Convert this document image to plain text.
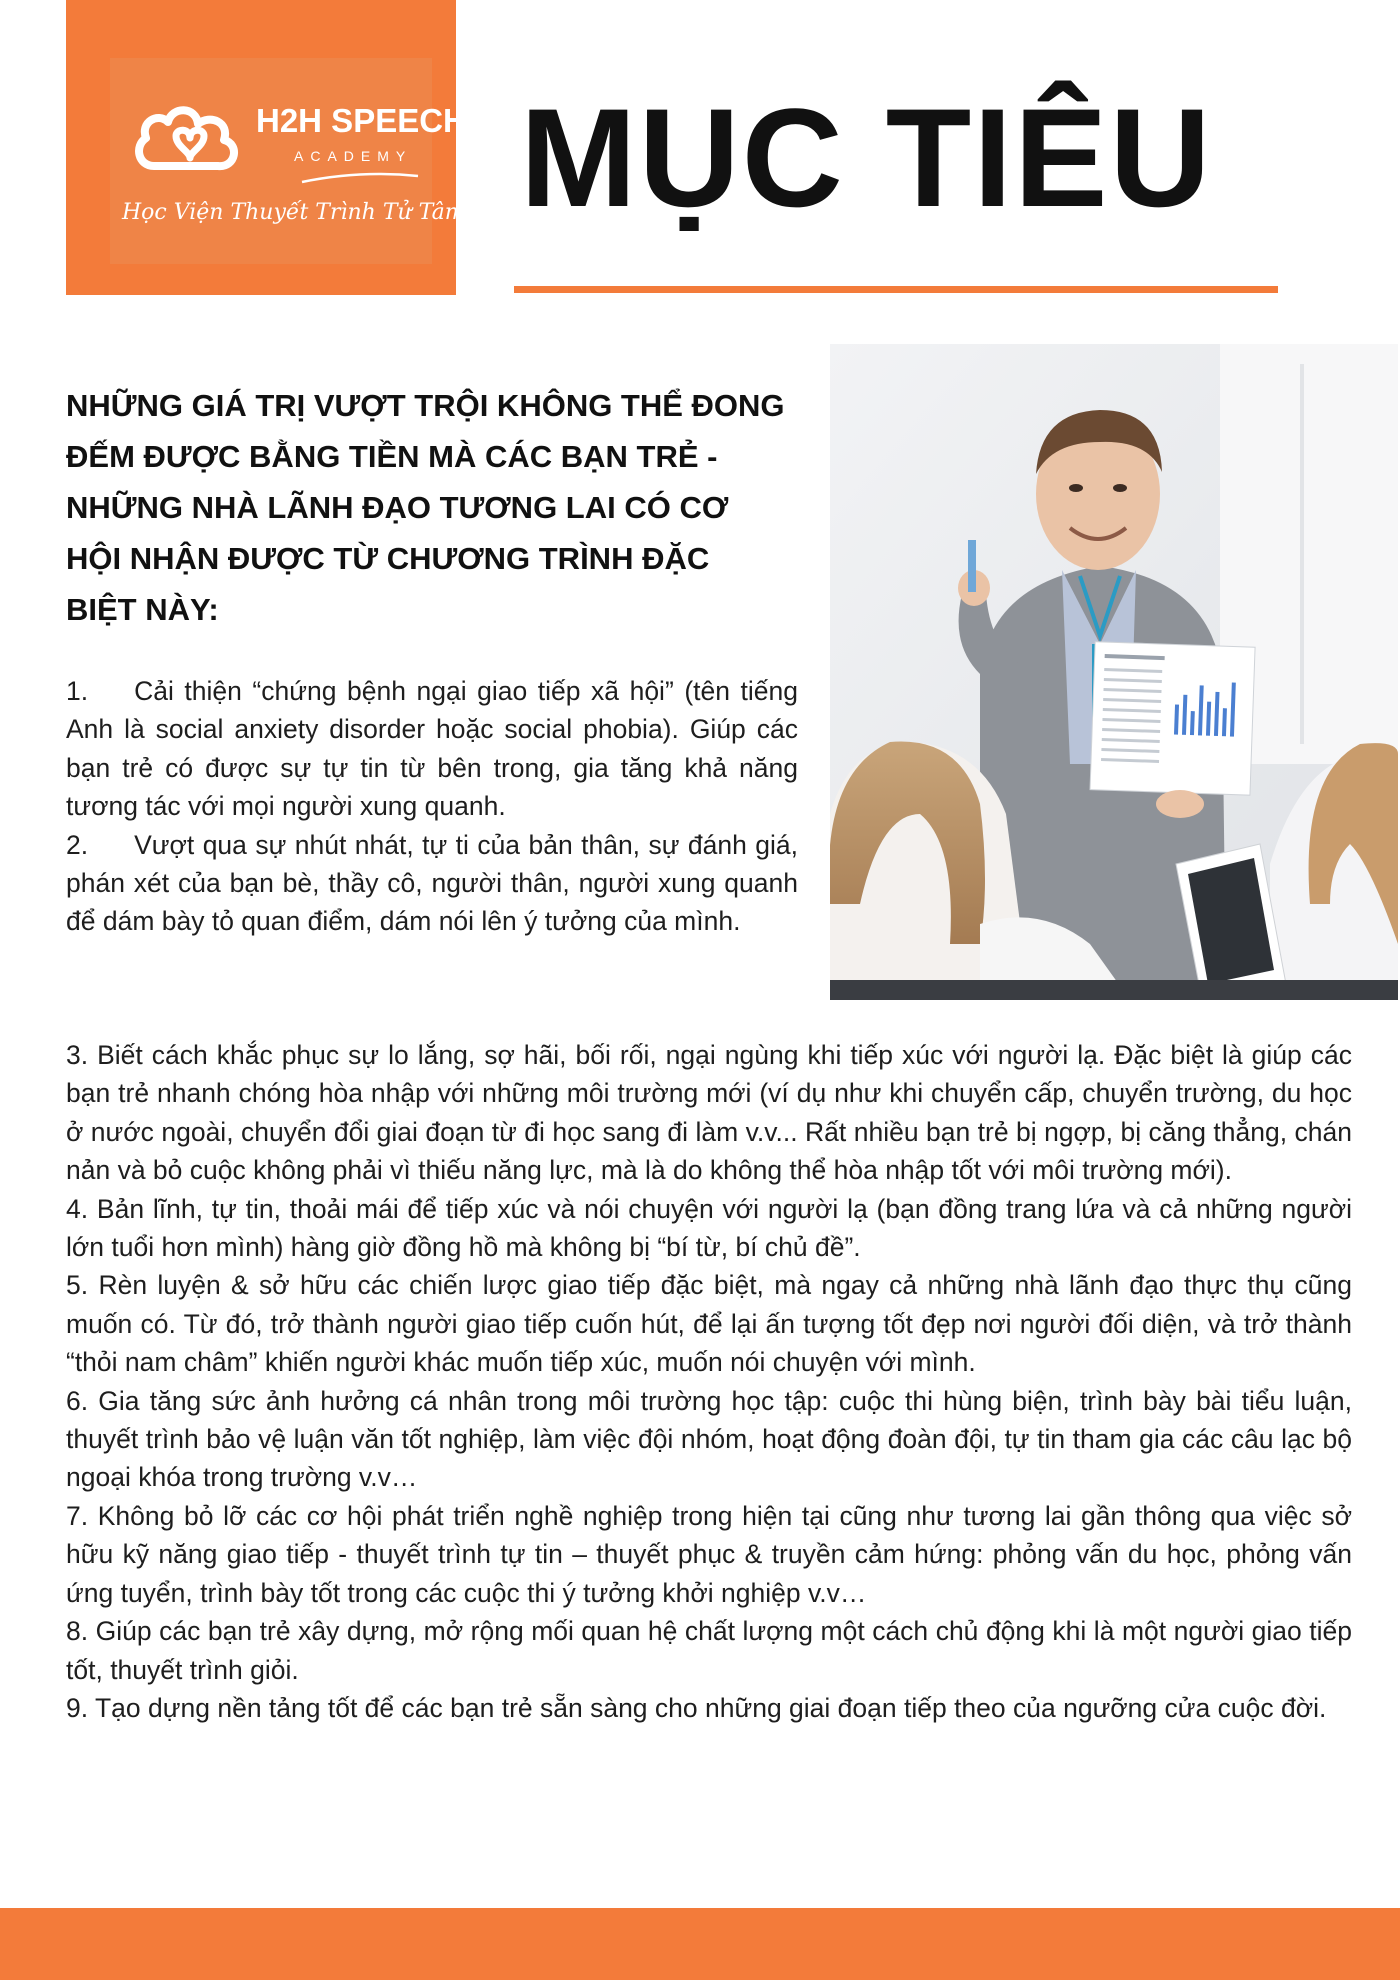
H2H SPEECH
ACADEMY
Học Viện Thuyết Trình Tử Tâm MỤC TIÊU
NHỮNG GIÁ TRỊ VƯỢT TRỘI KHÔNG THỂ ĐONG ĐẾM ĐƯỢC BẰNG TIỀN MÀ CÁC BẠN TRẺ - NHỮNG NHÀ LÃNH ĐẠO TƯƠNG LAI CÓ CƠ HỘI NHẬN ĐƯỢC TỪ CHƯƠNG TRÌNH ĐẶC BIỆT NÀY:

1. Cải thiện “chứng bệnh ngại giao tiếp xã hội” (tên tiếng Anh là social anxiety disorder hoặc social phobia). Giúp các bạn trẻ có được sự tự tin từ bên trong, gia tăng khả năng tương tác với mọi người xung quanh.

2. Vượt qua sự nhút nhát, tự ti của bản thân, sự đánh giá, phán xét của bạn bè, thầy cô, người thân, người xung quanh để dám bày tỏ quan điểm, dám nói lên ý tưởng của mình.

3. Biết cách khắc phục sự lo lắng, sợ hãi, bối rối, ngại ngùng khi tiếp xúc với người lạ. Đặc biệt là giúp các bạn trẻ nhanh chóng hòa nhập với những môi trường mới (ví dụ như khi chuyển cấp, chuyển trường, du học ở nước ngoài, chuyển đổi giai đoạn từ đi học sang đi làm v.v... Rất nhiều bạn trẻ bị ngợp, bị căng thẳng, chán nản và bỏ cuộc không phải vì thiếu năng lực, mà là do không thể hòa nhập tốt với môi trường mới).

4. Bản lĩnh, tự tin, thoải mái để tiếp xúc và nói chuyện với người lạ (bạn đồng trang lứa và cả những người lớn tuổi hơn mình) hàng giờ đồng hồ mà không bị “bí từ, bí chủ đề”.

5. Rèn luyện & sở hữu các chiến lược giao tiếp đặc biệt, mà ngay cả những nhà lãnh đạo thực thụ cũng muốn có. Từ đó, trở thành người giao tiếp cuốn hút, để lại ấn tượng tốt đẹp nơi người đối diện, và trở thành “thỏi nam châm” khiến người khác muốn tiếp xúc, muốn nói chuyện với mình.

6. Gia tăng sức ảnh hưởng cá nhân trong môi trường học tập: cuộc thi hùng biện, trình bày bài tiểu luận, thuyết trình bảo vệ luận văn tốt nghiệp, làm việc đội nhóm, hoạt động đoàn đội, tự tin tham gia các câu lạc bộ ngoại khóa trong trường v.v…

7. Không bỏ lỡ các cơ hội phát triển nghề nghiệp trong hiện tại cũng như tương lai gần thông qua việc sở hữu kỹ năng giao tiếp - thuyết trình tự tin – thuyết phục & truyền cảm hứng: phỏng vấn du học, phỏng vấn ứng tuyển, trình bày tốt trong các cuộc thi ý tưởng khởi nghiệp v.v…

8. Giúp các bạn trẻ xây dựng, mở rộng mối quan hệ chất lượng một cách chủ động khi là một người giao tiếp tốt, thuyết trình giỏi.

9. Tạo dựng nền tảng tốt để các bạn trẻ sẵn sàng cho những giai đoạn tiếp theo của ngưỡng cửa cuộc đời.
